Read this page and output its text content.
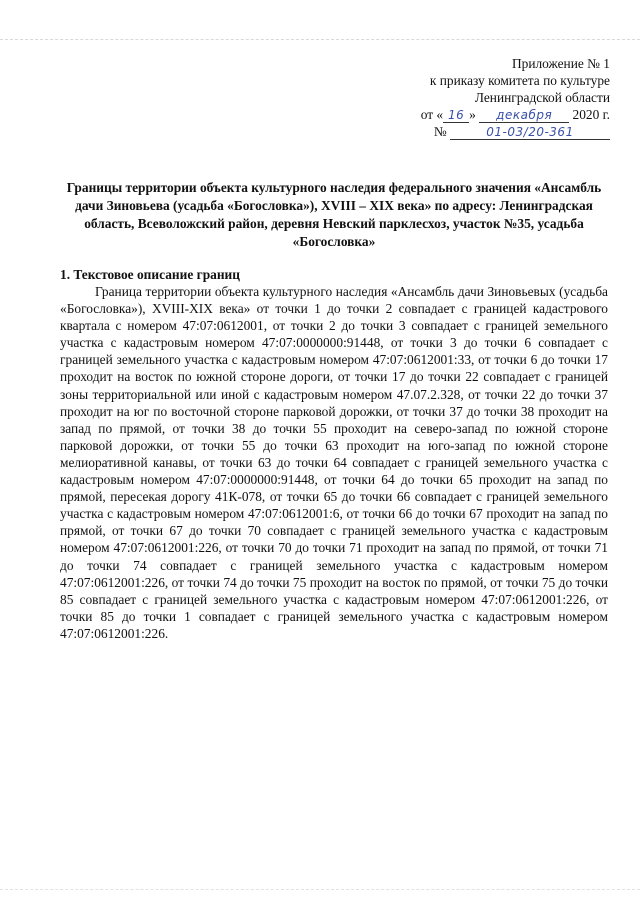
Приложение № 1
к приказу комитета по культуре
Ленинградской области
от « 16 » декабря 2020 г.
№	01-03/20-361
Границы территории объекта культурного наследия федерального значения «Ансамбль дачи Зиновьева (усадьба «Богословка»), XVIII – XIX века» по адресу: Ленинградская область, Всеволожский район, деревня Невский парклесхоз, участок №35, усадьба «Богословка»
1. Текстовое описание границ

Граница территории объекта культурного наследия «Ансамбль дачи Зиновьевых (усадьба «Богословка»), XVIII-XIX века» от точки 1 до точки 2 совпадает с границей кадастрового квартала с номером 47:07:0612001, от точки 2 до точки 3 совпадает с границей земельного участка с кадастровым номером 47:07:0000000:91448, от точки 3 до точки 6 совпадает с границей земельного участка с кадастровым номером 47:07:0612001:33, от точки 6 до точки 17 проходит на восток по южной стороне дороги, от точки 17 до точки 22 совпадает с границей зоны территориальной или иной с кадастровым номером 47.07.2.328, от точки 22 до точки 37 проходит на юг по восточной стороне парковой дорожки, от точки 37 до точки 38 проходит на запад по прямой, от точки 38 до точки 55 проходит на северо-запад по южной стороне парковой дорожки, от точки 55 до точки 63 проходит на юго-запад по южной стороне мелиоративной канавы, от точки 63 до точки 64 совпадает с границей земельного участка с кадастровым номером 47:07:0000000:91448, от точки 64 до точки 65 проходит на запад по прямой, пересекая дорогу 41К-078, от точки 65 до точки 66 совпадает с границей земельного участка с кадастровым номером 47:07:0612001:6, от точки 66 до точки 67 проходит на запад по прямой, от точки 67 до точки 70 совпадает с границей земельного участка с кадастровым номером 47:07:0612001:226, от точки 70 до точки 71 проходит на запад по прямой, от точки 71 до точки 74 совпадает с границей земельного участка с кадастровым номером 47:07:0612001:226, от точки 74 до точки 75 проходит на восток по прямой, от точки 75 до точки 85 совпадает с границей земельного участка с кадастровым номером 47:07:0612001:226, от точки 85 до точки 1 совпадает с границей земельного участка с кадастровым номером 47:07:0612001:226.
